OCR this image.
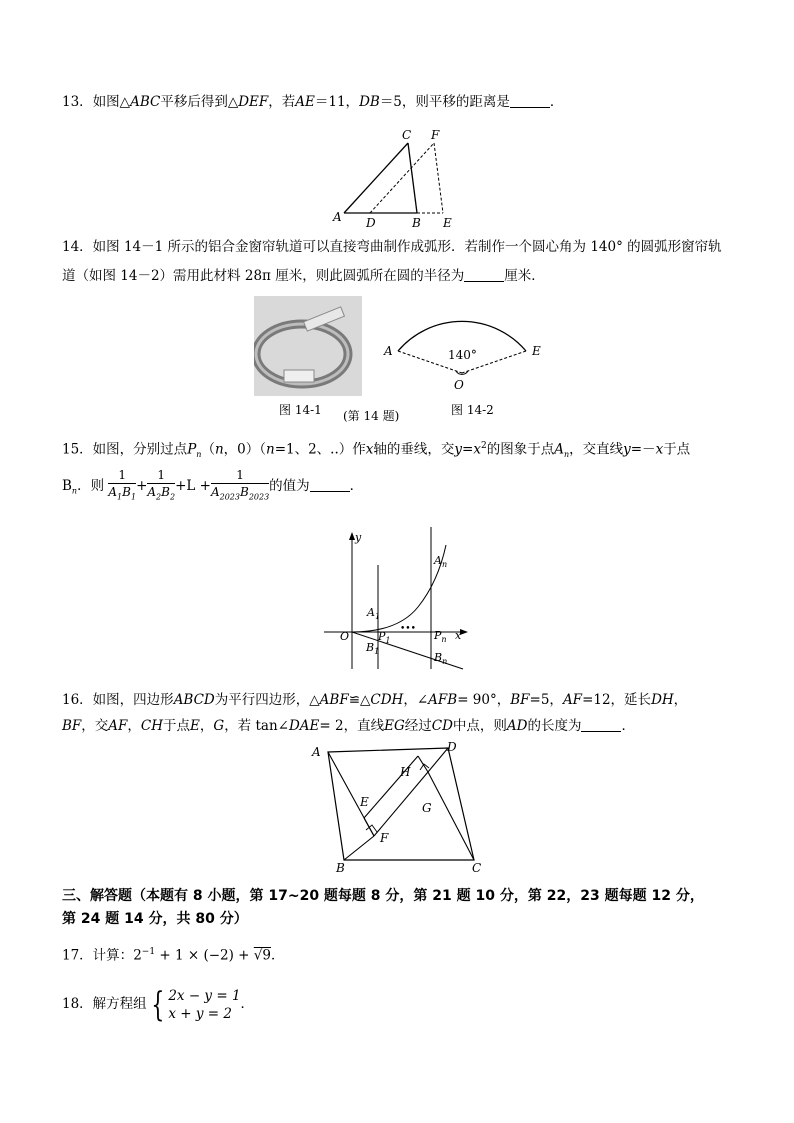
13．如图△ABC平移后得到△DEF，若AE＝11，DB＝5，则平移的距离是	．
A D	B E
C F
14．如图 14－1 所示的铝合金窗帘轨道可以直接弯曲制作成弧形．若制作一个圆心角为 140° 的圆弧形窗帘轨
道（如图 14－2）需用此材料 28π 厘米，则此圆弧所在圆的半径为	厘米．
A	E
O
140°
图 14-1 (第 14 题)	图 14-2
15．如图，分别过点$P_n(n$，0）（n=1、2、..）作x轴的垂线，交$y=x^2$的图象于点$A_n$，交直线y=－x于点
$B_n$．则 $\frac{1}{A_1B_1} + \frac{1}{A_2B_2} +L + \frac{1}{A_{2023}B_{2023}}$ 的值为	．
y
x
O
$A_1$
$P_1$
$B_1$
•••
$A_n$
$P_n$
$B_n$
16．如图，四边形ABCD为平行四边形，△ABF≌△CDH，∠AFB= 90°，BF=5，AF=12，延长DH，
BF，交AF，CH于点E，G，若 tan∠DAE= 2，直线EG经过CD中点，则AD的长度为	．
A	D
B	C
E
F
G
H
三、解答题（本题有 8 小题，第 17~20 题每题 8 分，第 21 题 10 分，第 22，23 题每题 12 分，
第 24 题 14 分，共 80 分）
17．计算：$2^{-1} + 1 \times (-2) + √9$．
18．解方程组 { 2x − y = 1
x + y = 2
．
